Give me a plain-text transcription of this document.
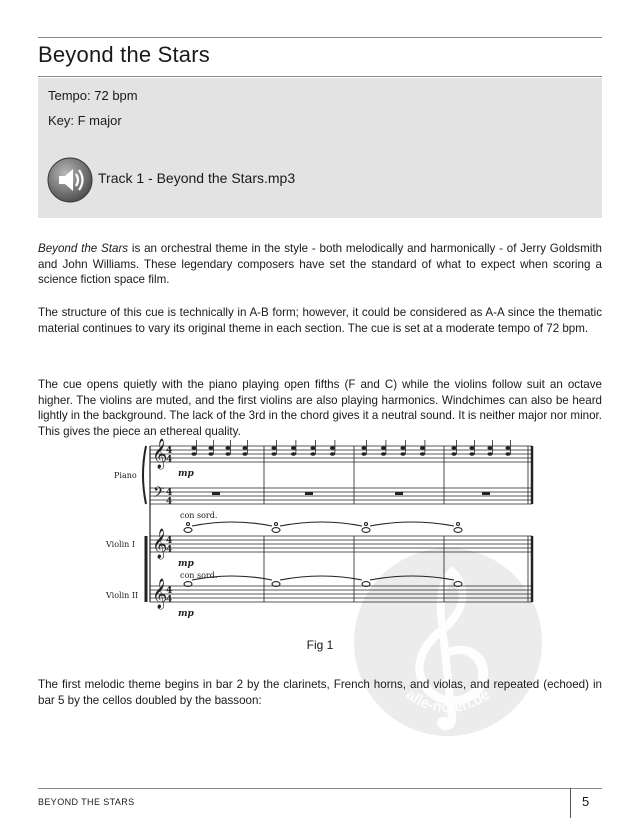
Beyond the Stars
Tempo: 72 bpm
Key: F major
Track 1 - Beyond the Stars.mp3
Beyond the Stars is an orchestral theme in the style - both melodically and harmonically - of Jerry Goldsmith and John Williams. These legendary composers have set the standard of what to expect when scoring a science fiction space film.
The structure of this cue is technically in A-B form; however, it could be considered as A-A since the thematic material continues to vary its original theme in each section. The cue is set at a moderate tempo of 72 bpm.
The cue opens quietly with the piano playing open fifths (F and C) while the violins follow suit an octave higher. The violins are muted, and the first violins are also playing harmonics. Windchimes can also be heard lightly in the background. The lack of the 3rd in the chord gives it a neutral sound. It is neither major nor minor. This gives the piece an ethereal quality.
alle-noten.de
𝄞
𝄢
𝄞
𝄞
4
4
4
4
4
4
4
4
Piano
Violin I
Violin II
mp
mp
mp
con sord.
con sord.
Fig 1
The first melodic theme begins in bar 2 by the clarinets, French horns, and violas, and repeated (echoed) in bar 5 by the cellos doubled by the bassoon:
BEYOND THE STARS	5
